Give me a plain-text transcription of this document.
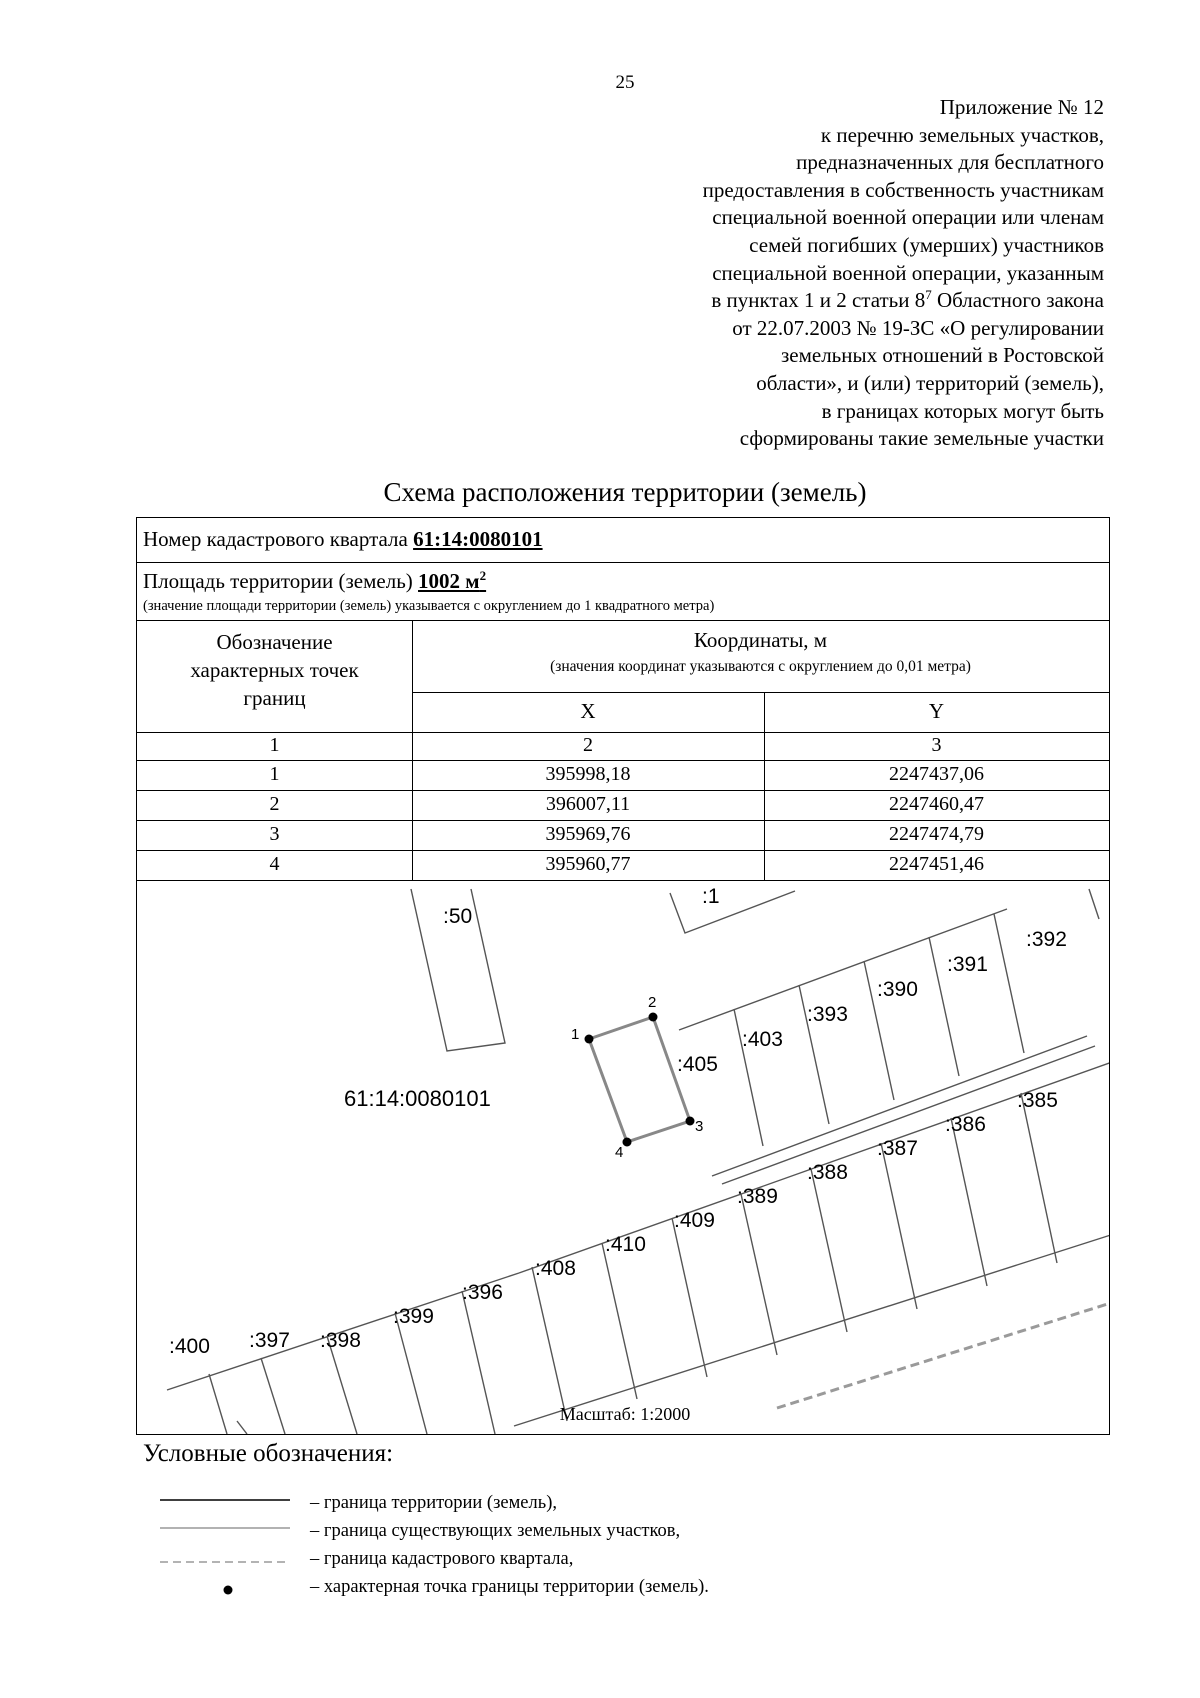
25
Приложение № 12
к перечню земельных участков,
предназначенных для бесплатного
предоставления в собственность участникам
специальной военной операции или членам
семей погибших (умерших) участников
специальной военной операции, указанным
в пунктах 1 и 2 статьи $8^7$ Областного закона
от 22.07.2003 № 19-ЗС «О регулировании
земельных отношений в Ростовской
области», и (или) территорий (земель),
в границах которых могут быть
сформированы такие земельные участки
Схема расположения территории (земель)
Номер кадастрового квартала 61:14:0080101
Площадь территории (земель) 1002 $м^2$
(значение площади территории (земель) указывается с округлением до 1 квадратного метра)
Обозначение
характерных точек
границ
Координаты, м
(значения координат указываются с округлением до 0,01 метра)
X	Y
1	2	3
1	395998,18	2247437,06
2	396007,11	2247460,47
3	395969,76	2247474,79
4	395960,77	2247451,46
1
2
3
4
61:14:0080101
:50
:1
:392
:391
:390
:393
:403
:405
:385
:386
:387
:388
:389
:409
:410
:408
:396
:399
:398
:397
:400
Масштаб: 1:2000
Условные обозначения:
– граница территории (земель),
– граница существующих земельных участков,
– граница кадастрового квартала,
– характерная точка границы территории (земель).
